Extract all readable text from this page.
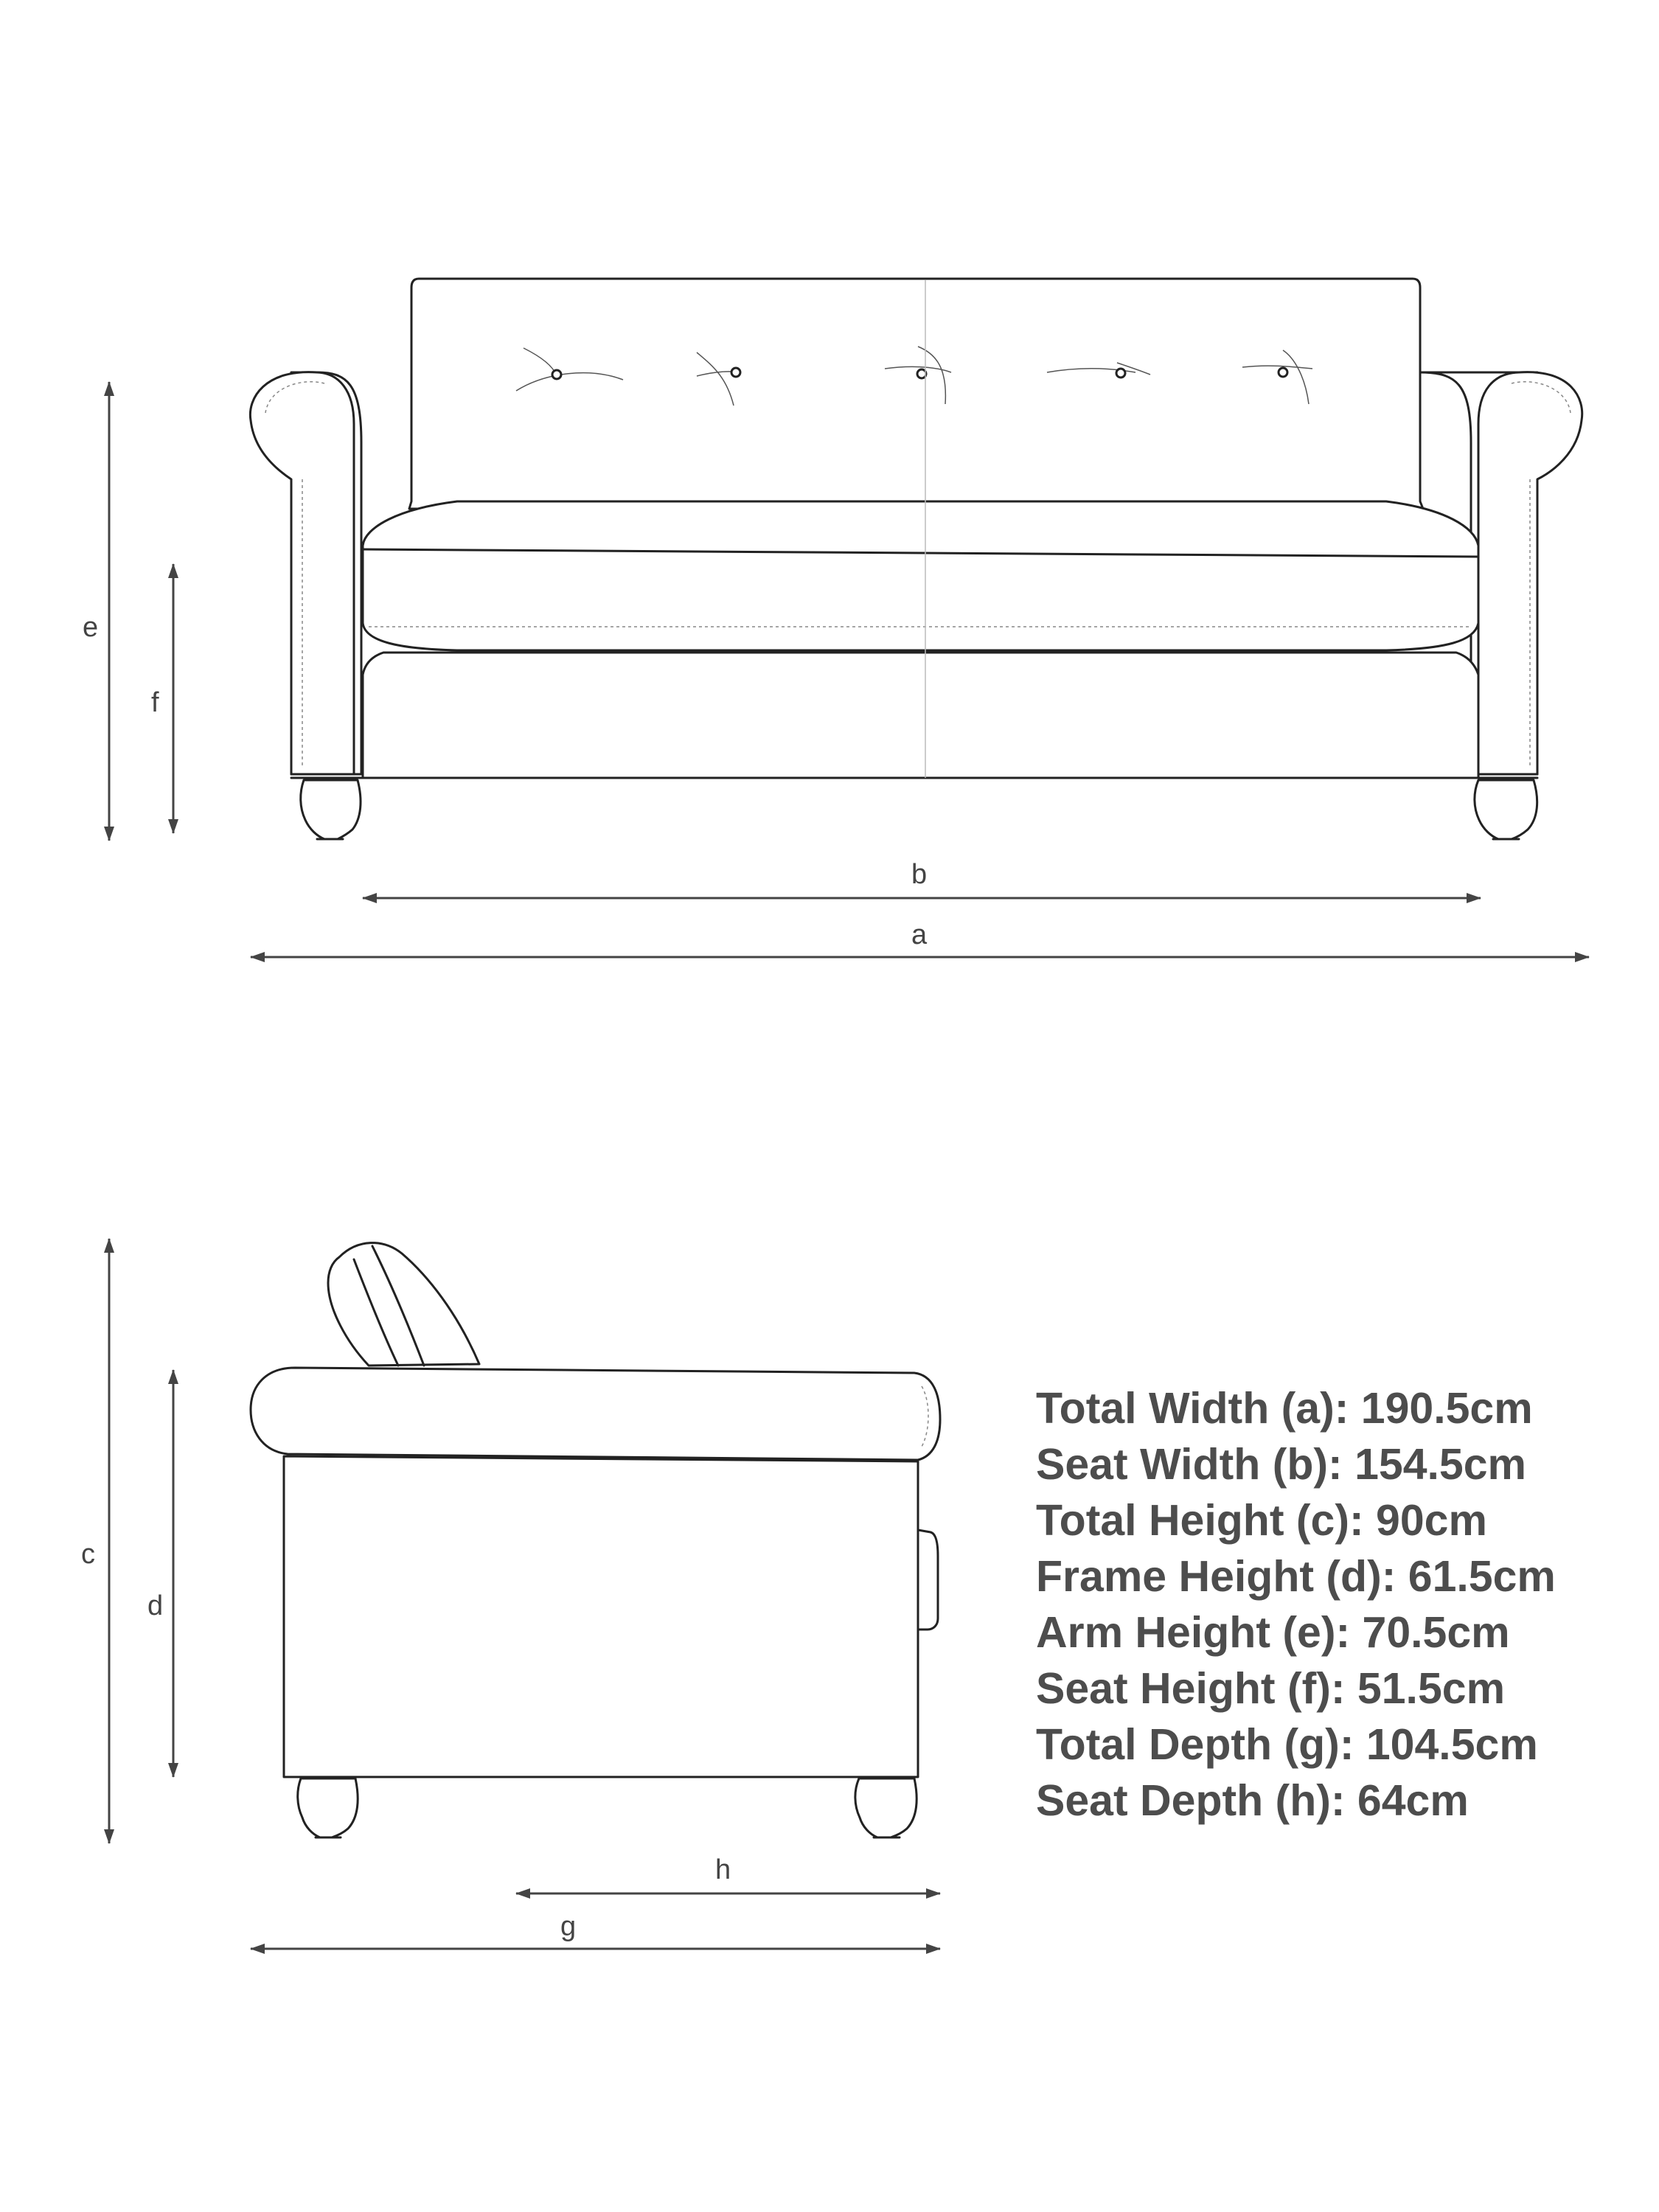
e
f
b
a
c
d
h
g

Total Width (a): 190.5cm

Seat Width (b): 154.5cm

Total Height (c): 90cm

Frame Height (d): 61.5cm

Arm Height (e): 70.5cm

Seat Height (f): 51.5cm

Total Depth (g): 104.5cm

Seat Depth (h): 64cm
